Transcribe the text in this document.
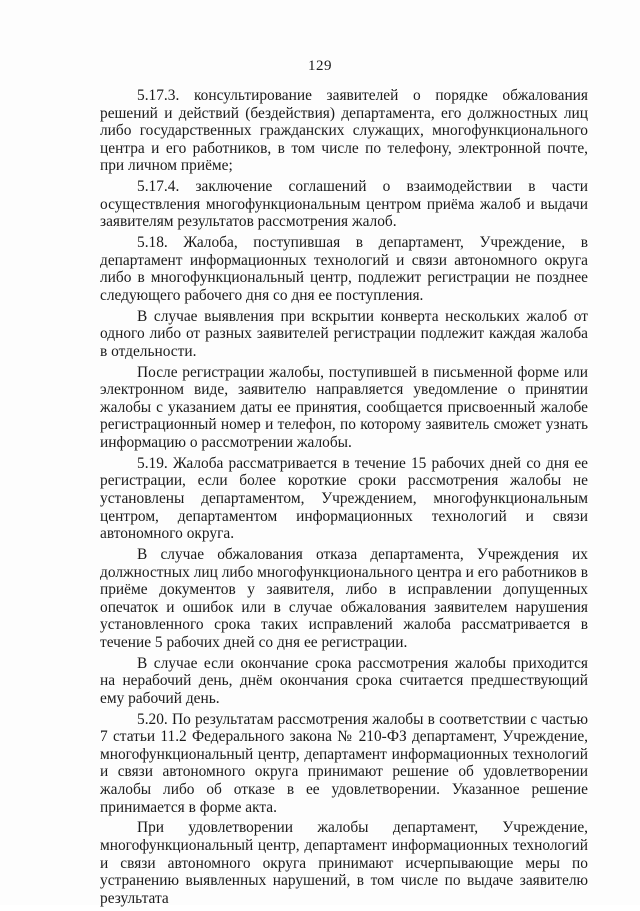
129

5.17.3. консультирование заявителей о порядке обжалования решений и действий (бездействия) департамента, его должностных лиц либо государственных гражданских служащих, многофункционального центра и его работников, в том числе по телефону, электронной почте, при личном приёме;

5.17.4. заключение соглашений о взаимодействии в части осуществления многофункциональным центром приёма жалоб и выдачи заявителям результатов рассмотрения жалоб.

5.18. Жалоба, поступившая в департамент, Учреждение, в департамент информационных технологий и связи автономного округа либо в многофункциональный центр, подлежит регистрации не позднее следующего рабочего дня со дня ее поступления.

В случае выявления при вскрытии конверта нескольких жалоб от одного либо от разных заявителей регистрации подлежит каждая жалоба в отдельности.

После регистрации жалобы, поступившей в письменной форме или электронном виде, заявителю направляется уведомление о принятии жалобы с указанием даты ее принятия, сообщается присвоенный жалобе регистрационный номер и телефон, по которому заявитель сможет узнать информацию о рассмотрении жалобы.

5.19. Жалоба рассматривается в течение 15 рабочих дней со дня ее регистрации, если более короткие сроки рассмотрения жалобы не установлены департаментом, Учреждением, многофункциональным центром, департаментом информационных технологий и связи автономного округа.

В случае обжалования отказа департамента, Учреждения их должностных лиц либо многофункционального центра и его работников в приёме документов у заявителя, либо в исправлении допущенных опечаток и ошибок или в случае обжалования заявителем нарушения установленного срока таких исправлений жалоба рассматривается в течение 5 рабочих дней со дня ее регистрации.

В случае если окончание срока рассмотрения жалобы приходится на нерабочий день, днём окончания срока считается предшествующий ему рабочий день.

5.20. По результатам рассмотрения жалобы в соответствии с частью 7 статьи 11.2 Федерального закона № 210-ФЗ департамент, Учреждение, многофункциональный центр, департамент информационных технологий и связи автономного округа принимают решение об удовлетворении жалобы либо об отказе в ее удовлетворении. Указанное решение принимается в форме акта.

При удовлетворении жалобы департамент, Учреждение, многофункциональный центр, департамент информационных технологий и связи автономного округа принимают исчерпывающие меры по устранению выявленных нарушений, в том числе по выдаче заявителю результата
